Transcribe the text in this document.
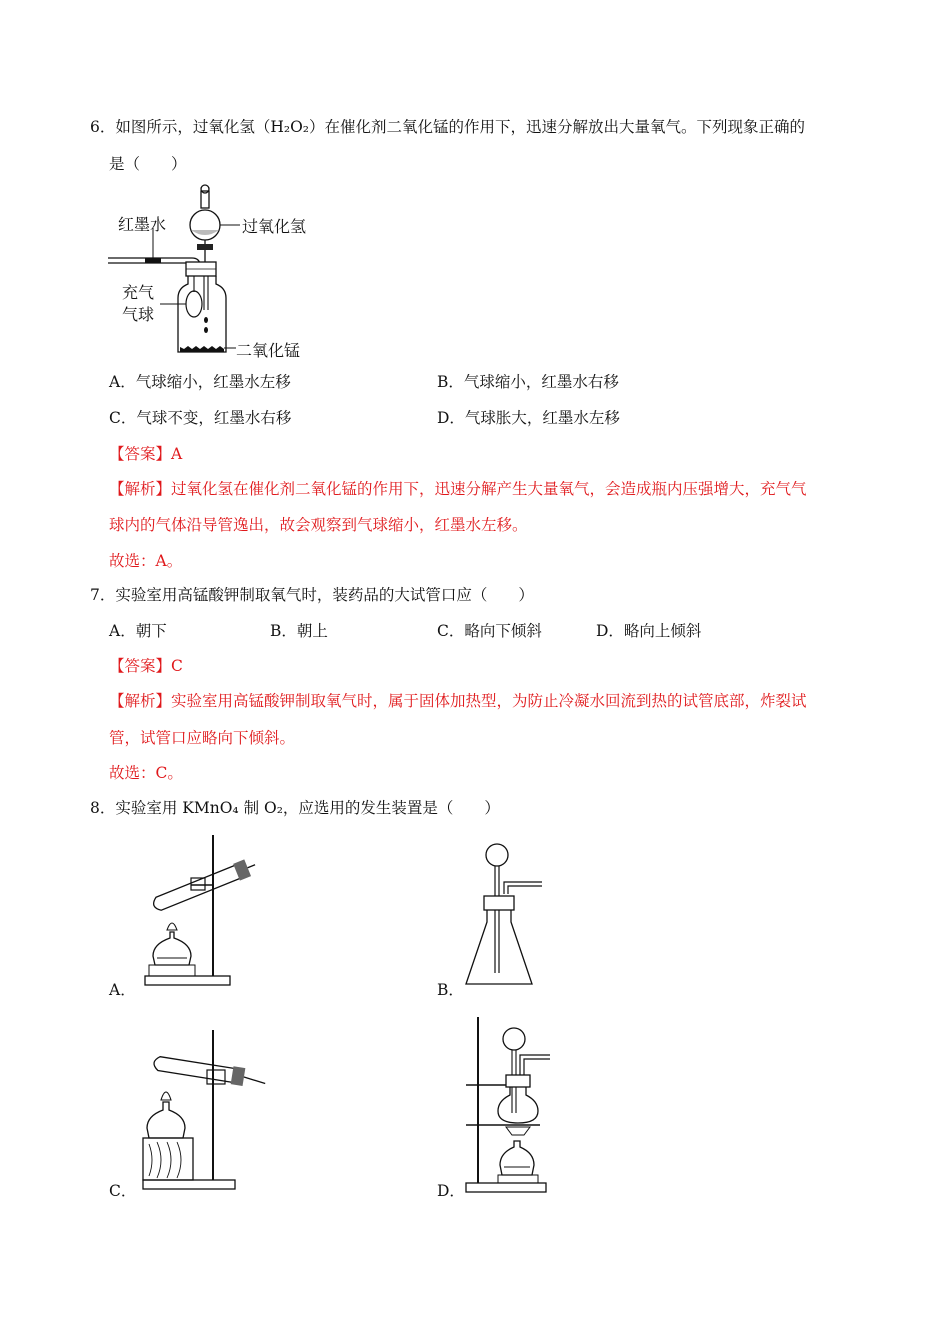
6．如图所示，过氧化氢（H₂O₂）在催化剂二氧化锰的作用下，迅速分解放出大量氧气。下列现象正确的
是（　　）
红墨水	过氧化氢
充气
气球
二氧化锰
A．气球缩小，红墨水左移	B．气球缩小，红墨水右移
C．气球不变，红墨水右移	D．气球胀大，红墨水左移
【答案】A
【解析】过氧化氢在催化剂二氧化锰的作用下，迅速分解产生大量氧气，会造成瓶内压强增大，充气气
球内的气体沿导管逸出，故会观察到气球缩小，红墨水左移。
故选：A。
7．实验室用高锰酸钾制取氧气时，装药品的大试管口应（　　）
A．朝下	B．朝上	C．略向下倾斜	D．略向上倾斜
【答案】C
【解析】实验室用高锰酸钾制取氧气时，属于固体加热型，为防止冷凝水回流到热的试管底部，炸裂试
管，试管口应略向下倾斜。
故选：C。
8．实验室用 KMnO₄ 制 O₂，应选用的发生装置是（　　）
A．	B．
C．	D．
